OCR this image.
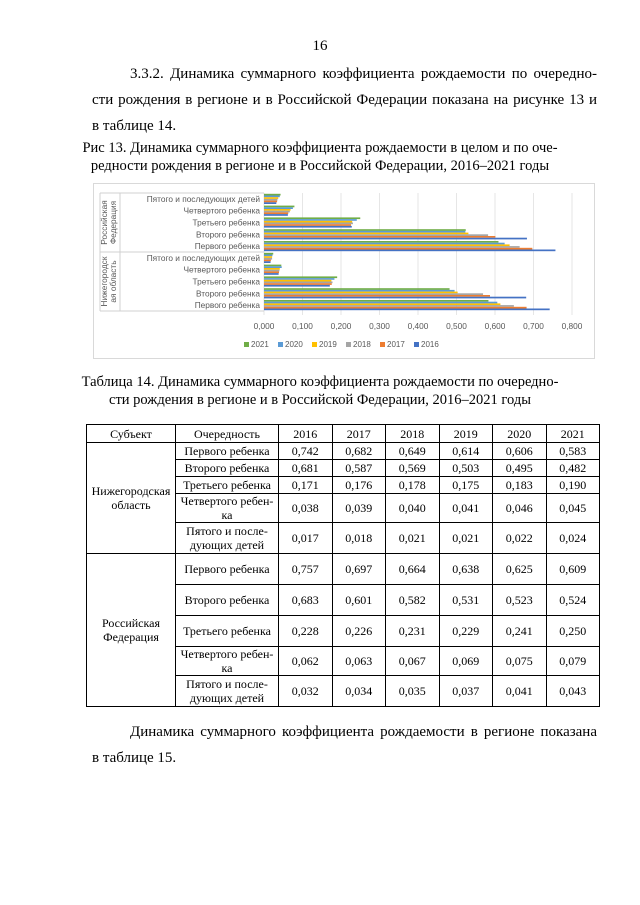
16
3.3.2. Динамика суммарного коэффициента рождаемости по очередно-
сти рождения в регионе и в Российской Федерации показана на рисунке 13 и
в таблице 14.
Рис 13. Динамика суммарного коэффициента рождаемости в целом и по оче-
редности рождения в регионе и в Российской Федерации, 2016–2021 годы
Пятого и последующих детей
Четвертого ребенка
Третьего ребенка
Второго ребенка
Первого ребенка
Пятого и последующих детей
Четвертого ребенка
Третьего ребенка
Второго ребенка
Первого ребенка
Российская Федерация
Нижегородск ая область
0,000 0,100 0,200 0,300 0,400 0,500 0,600 0,700 0,800
2021 2020 2019 2018 2017 2016
Таблица 14. Динамика суммарного коэффициента рождаемости по очередно-
сти рождения в регионе и в Российской Федерации, 2016–2021 годы
Субъект	Очередность	2016	2017	2018	2019	2020	2021
Нижегородская область	Первого ребенка	0,742	0,682	0,649	0,614	0,606	0,583
	Второго ребенка	0,681	0,587	0,569	0,503	0,495	0,482
	Третьего ребенка	0,171	0,176	0,178	0,175	0,183	0,190
	Четвертого ребен-ка	0,038	0,039	0,040	0,041	0,046	0,045
	Пятого и после-дующих детей	0,017	0,018	0,021	0,021	0,022	0,024
Российская Федерация	Первого ребенка	0,757	0,697	0,664	0,638	0,625	0,609
	Второго ребенка	0,683	0,601	0,582	0,531	0,523	0,524
	Третьего ребенка	0,228	0,226	0,231	0,229	0,241	0,250
	Четвертого ребен-ка	0,062	0,063	0,067	0,069	0,075	0,079
	Пятого и после-дующих детей	0,032	0,034	0,035	0,037	0,041	0,043
Динамика суммарного коэффициента рождаемости в регионе показана
в таблице 15.
